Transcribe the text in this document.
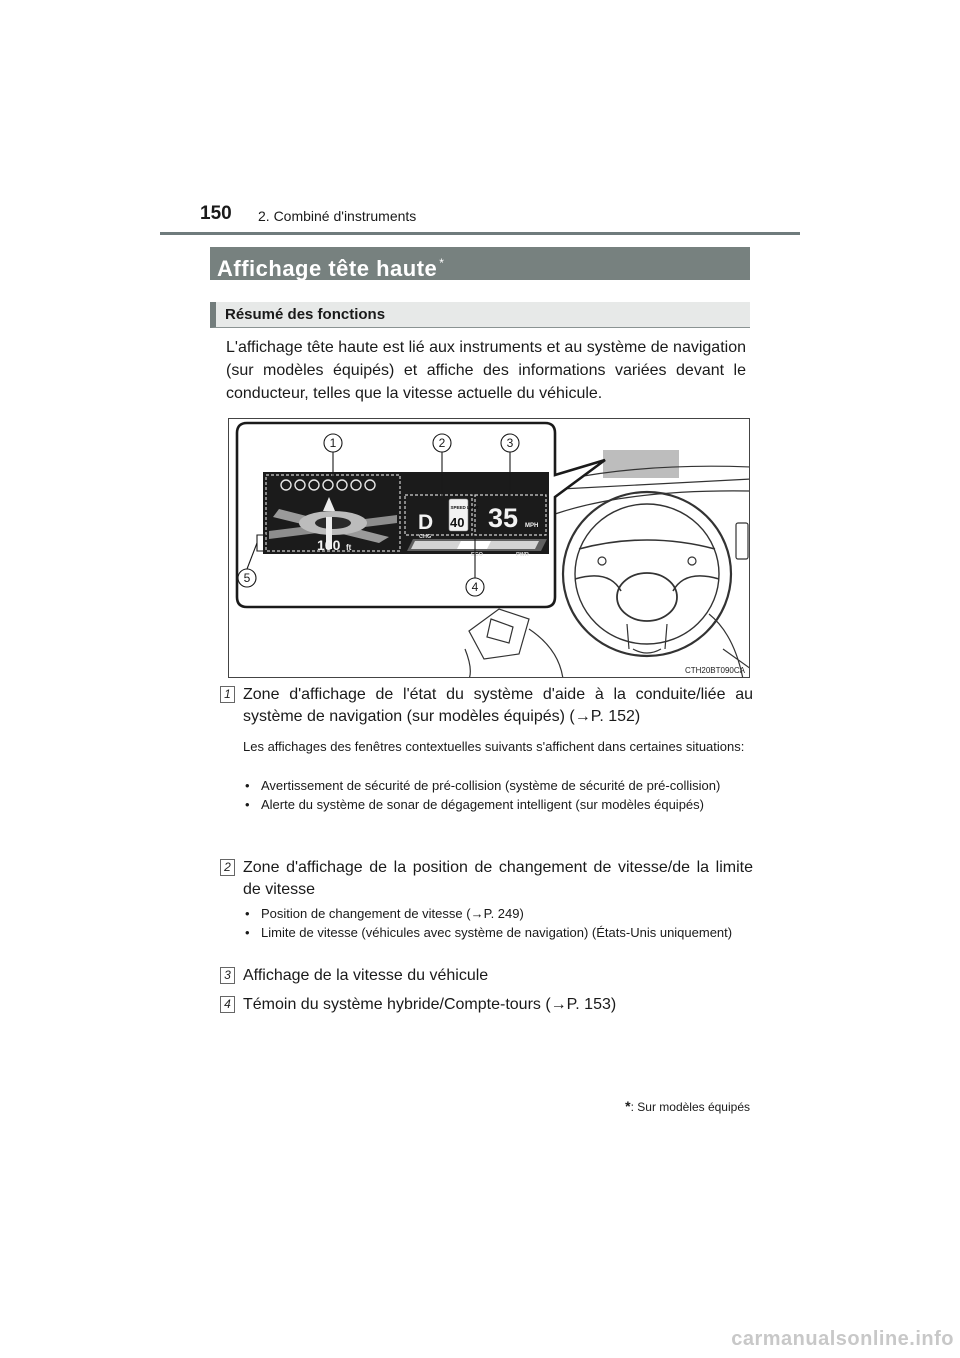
150 2. Combiné d'instruments
Affichage tête haute *
Résumé des fonctions
L'affichage tête haute est lié aux instruments et au système de navigation (sur modèles équipés) et affiche des informations variées devant le conducteur, telles que la vitesse actuelle du véhicule.
100 ft
D
SPEED LIMIT
40 35 MPH
CHG
ECO	PWR
1	2	3
4
5
CTH20BT090CA
1 Zone d'affichage de l'état du système d'aide à la conduite/liée au système de navigation (sur modèles équipés) (→P. 152)
Les affichages des fenêtres contextuelles suivants s'affichent dans certaines situations:
• Avertissement de sécurité de pré-collision (système de sécurité de pré-collision)
• Alerte du système de sonar de dégagement intelligent (sur modèles équipés)
2 Zone d'affichage de la position de changement de vitesse/de la limite de vitesse
• Position de changement de vitesse (→P. 249)
• Limite de vitesse (véhicules avec système de navigation) (États-Unis uniquement)
3 Affichage de la vitesse du véhicule
4 Témoin du système hybride/Compte-tours (→P. 153)
*: Sur modèles équipés
carmanualsonline.info
